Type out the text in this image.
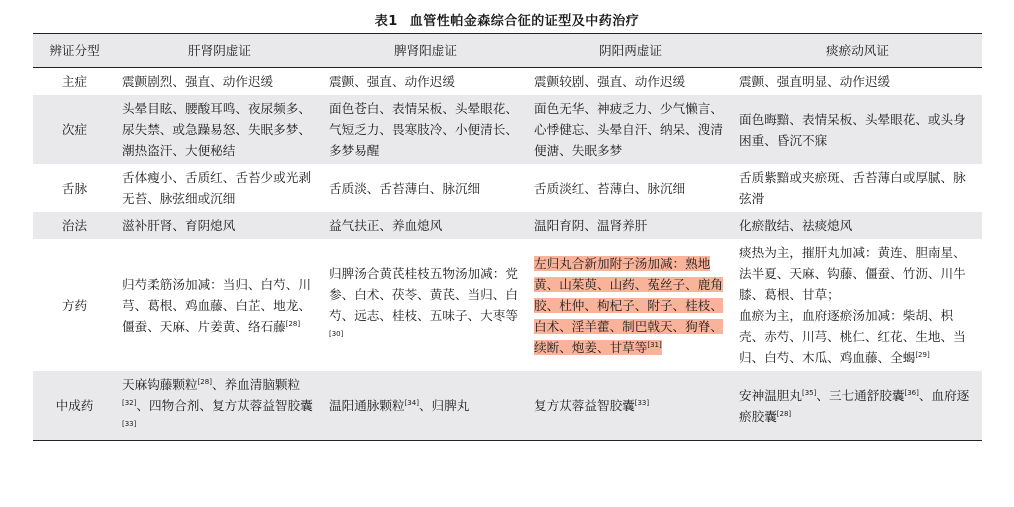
表1 血管性帕金森综合征的证型及中药治疗
辨证分型	肝肾阴虚证	脾肾阳虚证	阴阳两虚证	痰瘀动风证
主症	震颤剧烈、强直、动作迟缓	震颤、强直、动作迟缓	震颤较剧、强直、动作迟缓	震颤、强直明显、动作迟缓
次症	头晕目眩、腰酸耳鸣、夜尿频多、尿失禁、或急躁易怒、失眠多梦、潮热盗汗、大便秘结	面色苍白、表情呆板、头晕眼花、气短乏力、畏寒肢冷、小便清长、多梦易醒	面色无华、神疲乏力、少气懒言、心悸健忘、头晕自汗、纳呆、溲清便溏、失眠多梦	面色晦黯、表情呆板、头晕眼花、或头身困重、昏沉不寐
舌脉	舌体瘦小、舌质红、舌苔少或光剥无苔、脉弦细或沉细	舌质淡、舌苔薄白、脉沉细	舌质淡红、苔薄白、脉沉细	舌质紫黯或夹瘀斑、舌苔薄白或厚腻、脉弦滑
治法	滋补肝肾、育阴熄风	益气扶正、养血熄风	温阳育阴、温肾养肝	化瘀散结、祛痰熄风
方药	归芍柔筋汤加减：当归、白芍、川芎、葛根、鸡血藤、白芷、地龙、僵蚕、天麻、片姜黄、络石藤[28]	归脾汤合黄芪桂枝五物汤加减：党参、白术、茯苓、黄芪、当归、白芍、远志、桂枝、五味子、大枣等[30]	左归丸合新加附子汤加减：熟地黄、山茱萸、山药、菟丝子、鹿角胶、杜仲、枸杞子、附子、桂枝、白术、淫羊藿、制巴戟天、狗脊、续断、炮姜、甘草等[31]	痰热为主，摧肝丸加减：黄连、胆南星、法半夏、天麻、钩藤、僵蚕、竹沥、川牛膝、葛根、甘草；
血瘀为主，血府逐瘀汤加减：柴胡、枳壳、赤芍、川芎、桃仁、红花、生地、当归、白芍、木瓜、鸡血藤、全蝎[29]

中成药	天麻钩藤颗粒[28]、养血清脑颗粒[32]、四物合剂、复方苁蓉益智胶囊[33]	温阳通脉颗粒[34]、归脾丸	复方苁蓉益智胶囊[33]	安神温胆丸[35]、三七通舒胶囊[36]、血府逐瘀胶囊[28]
